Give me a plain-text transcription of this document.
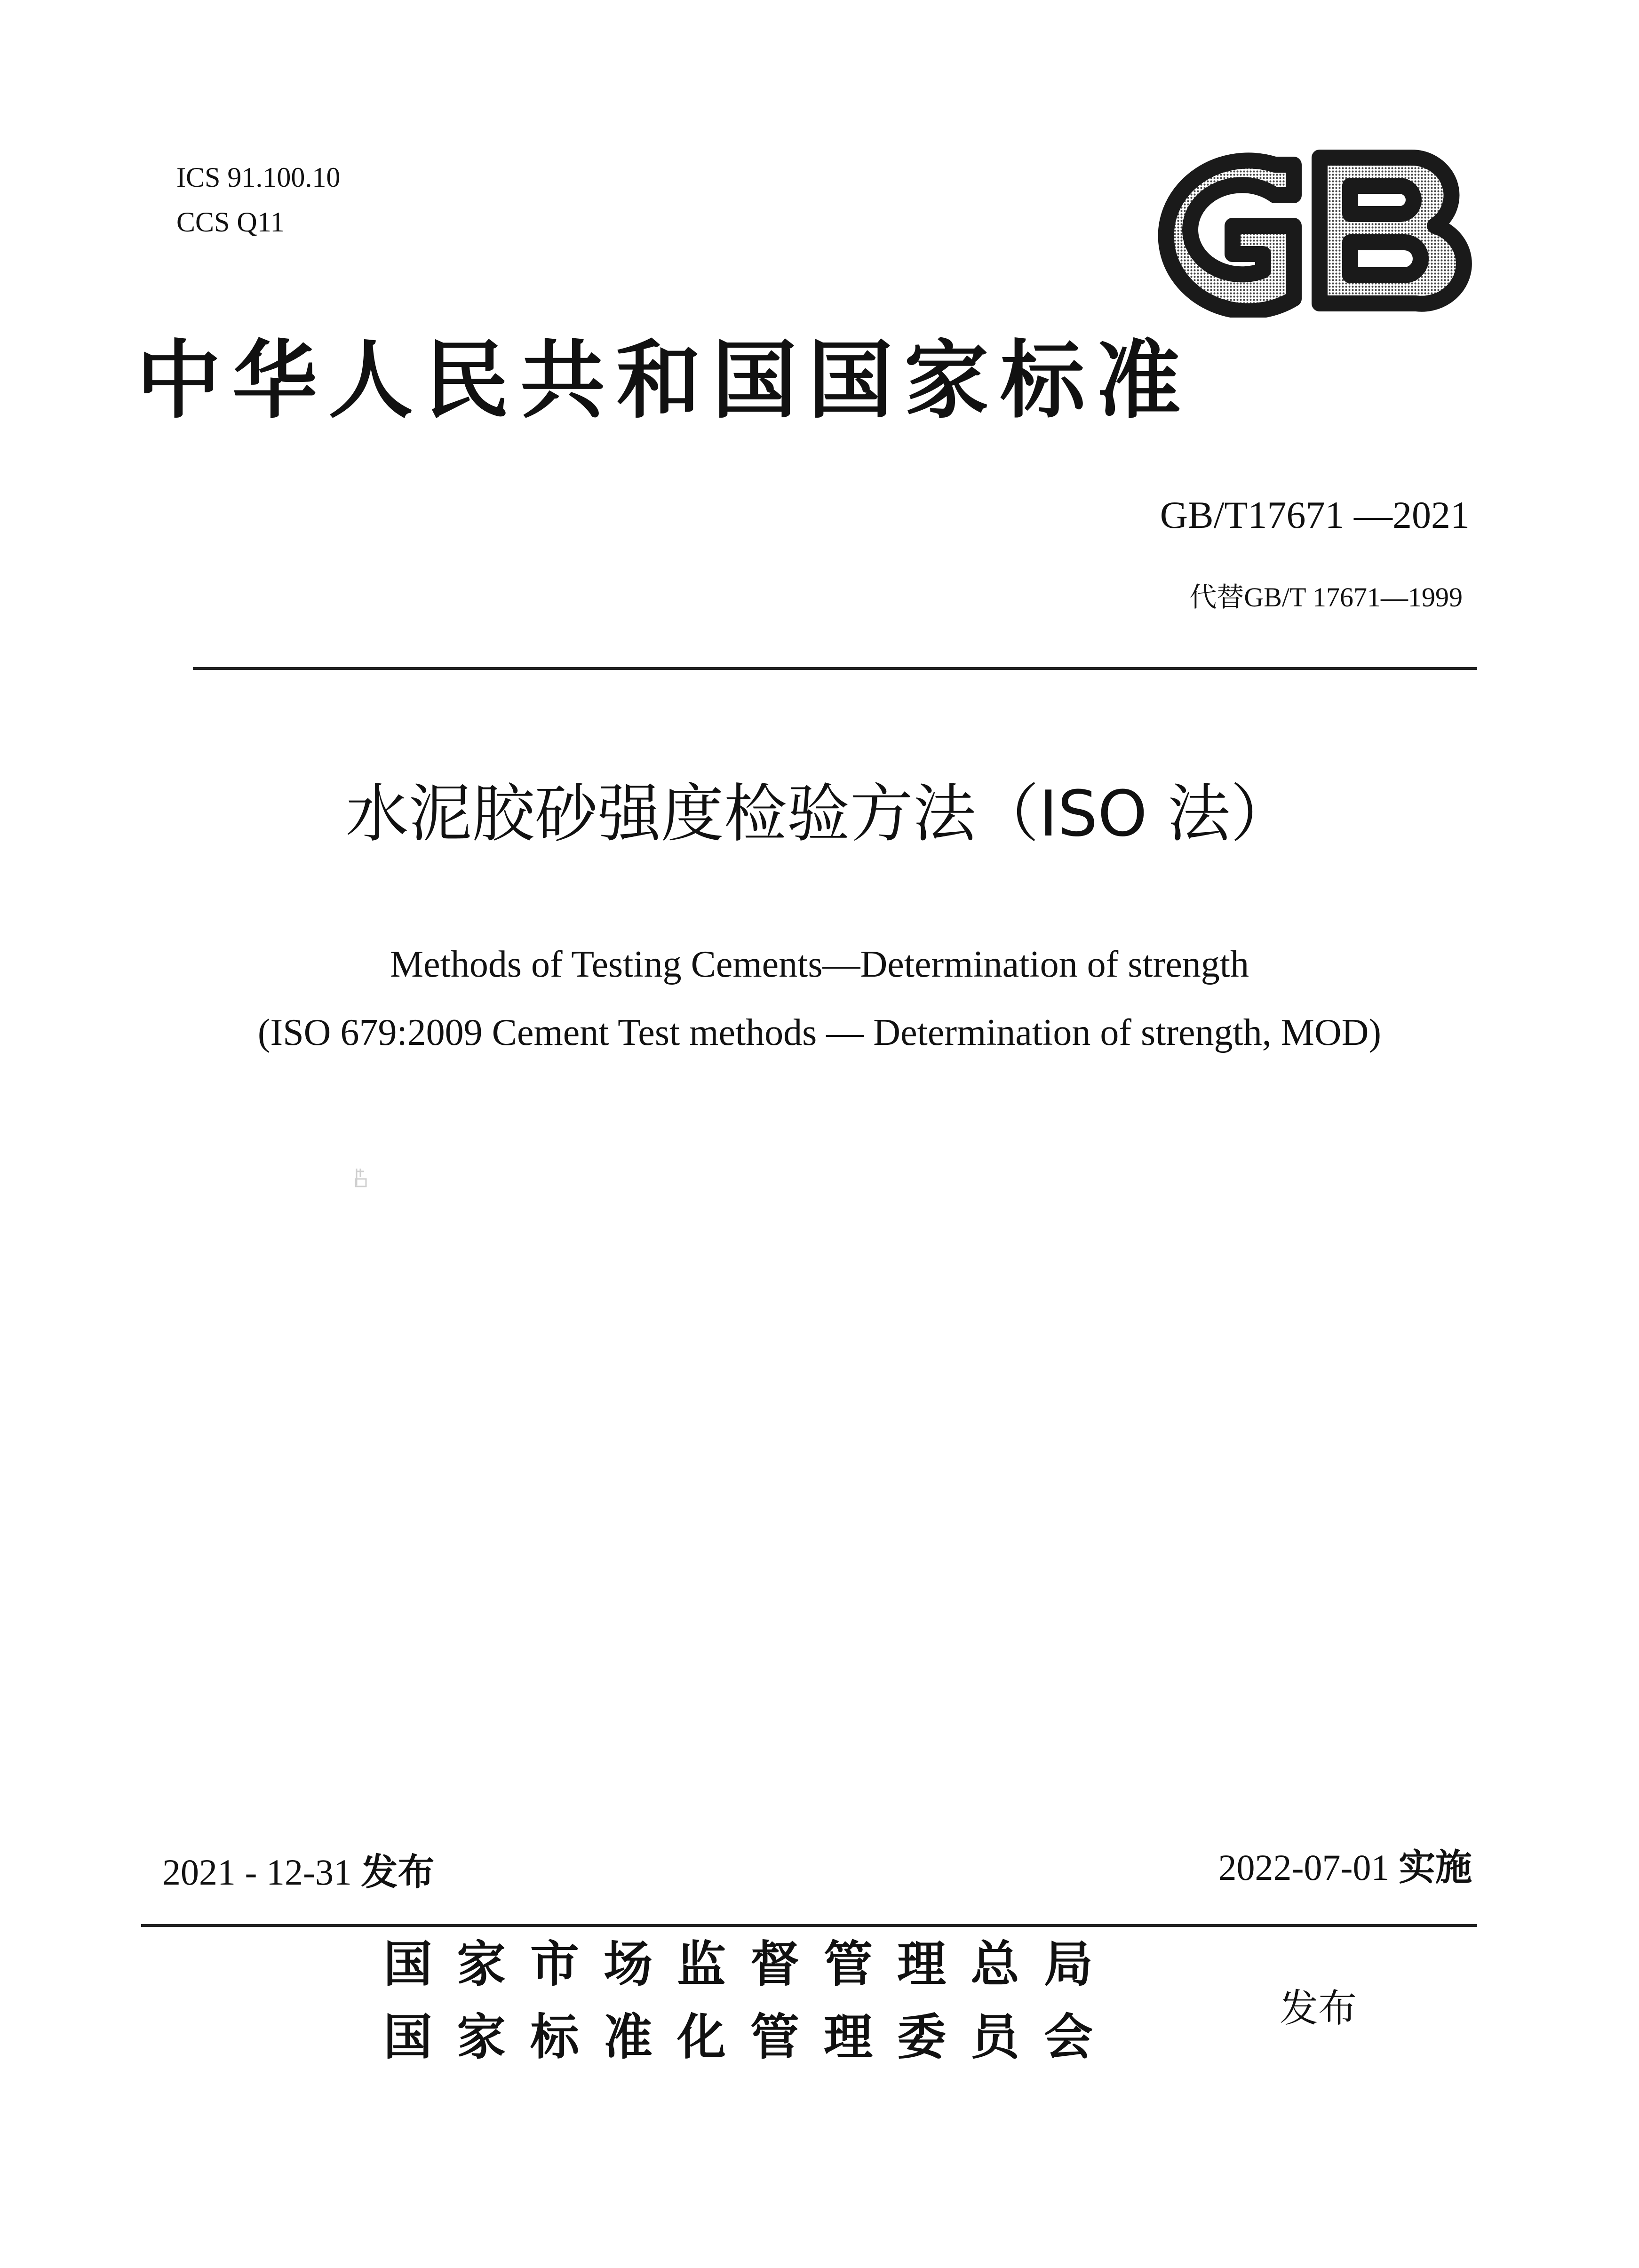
ICS 91.100.10
CCS Q11
中华人民共和国国家标准
GB/T17671 —2021
代替GB/T 17671—1999
水泥胶砂强度检验方法（ISO 法）
Methods of Testing Cements—Determination of strength
(ISO 679:2009 Cement Test methods — Determination of strength, MOD)
2021 - 12-31 发布	2022-07-01 实施
国家市场监督管理总局
国家标准化管理委员会	发布
